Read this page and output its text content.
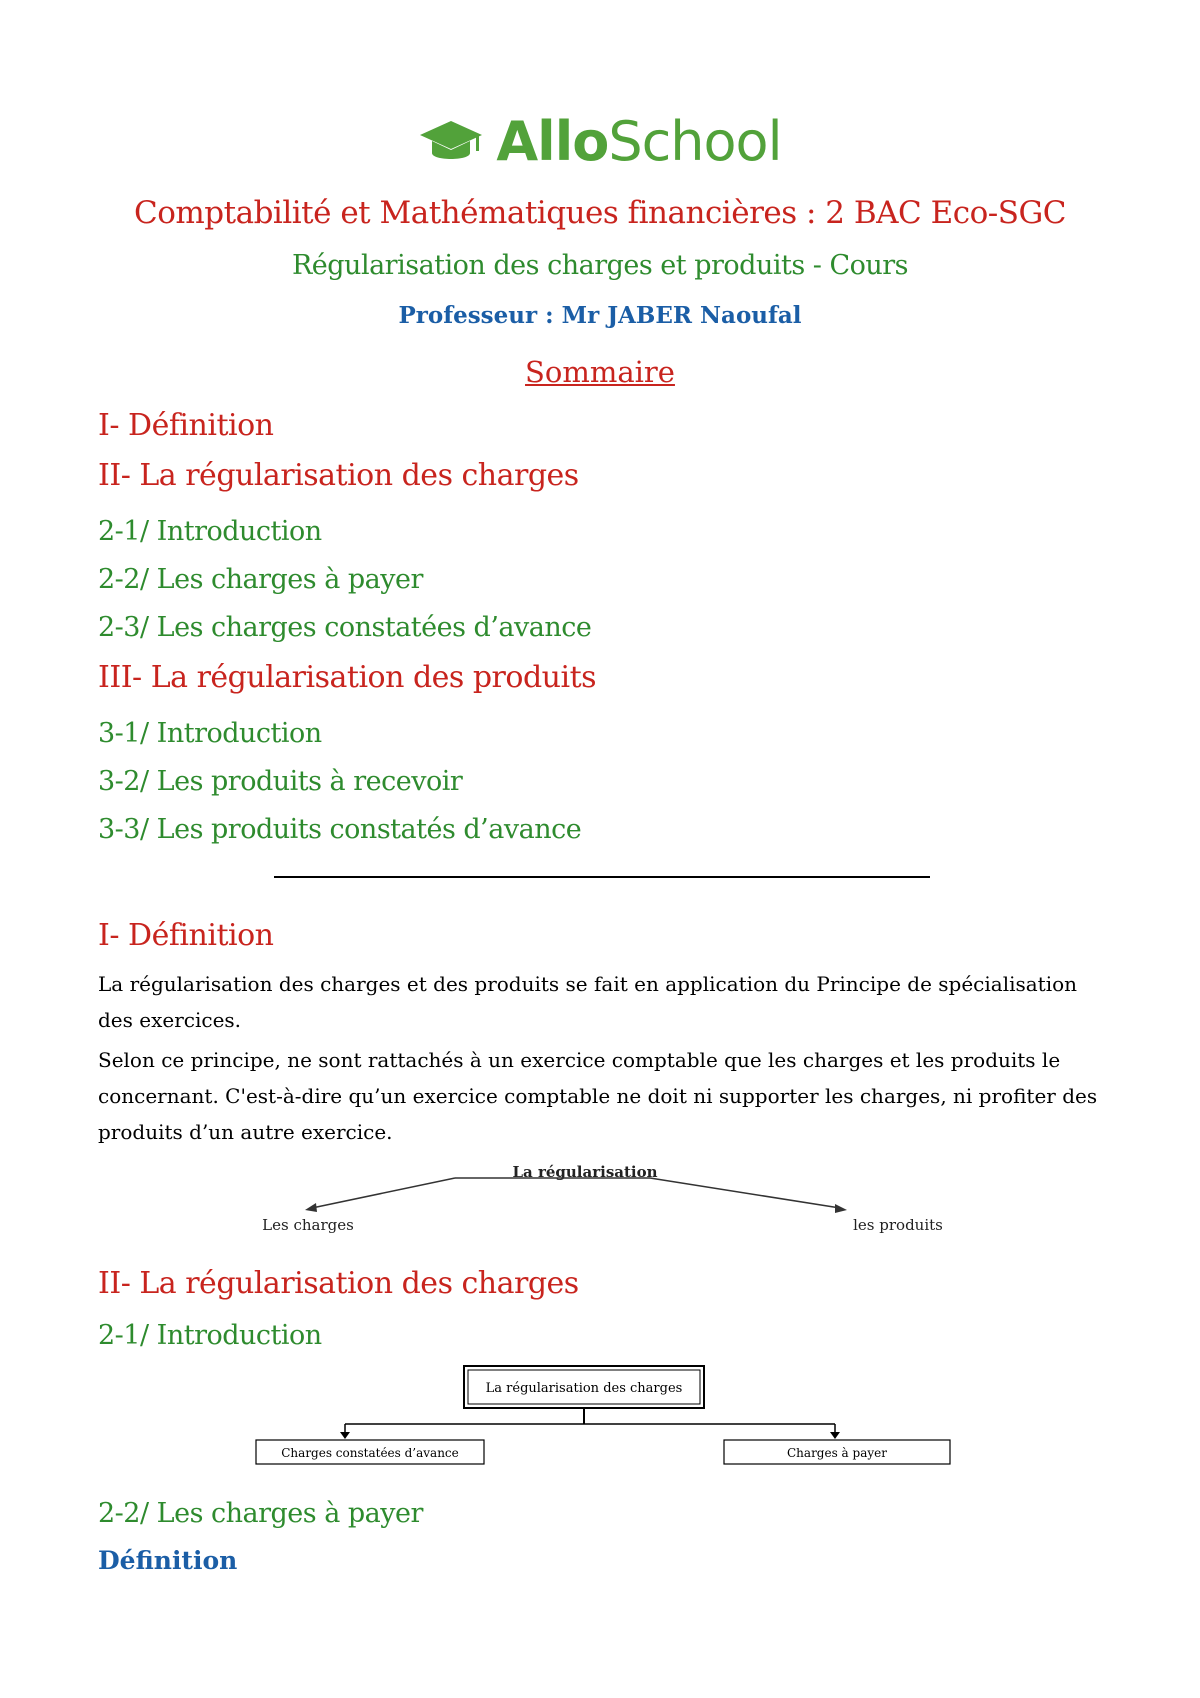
AlloSchool
Comptabilité et Mathématiques financières : 2 BAC Eco-SGC
Régularisation des charges et produits - Cours
Professeur : Mr JABER Naoufal
Sommaire
I- Définition
II- La régularisation des charges
2-1/ Introduction
2-2/ Les charges à payer
2-3/ Les charges constatées d’avance
III- La régularisation des produits
3-1/ Introduction
3-2/ Les produits à recevoir
3-3/ Les produits constatés d’avance
I- Définition

La régularisation des charges et des produits se fait en application du Principe de spécialisation des exercices.

Selon ce principe, ne sont rattachés à un exercice comptable que les charges et les produits le concernant. C'est-à-dire qu’un exercice comptable ne doit ni supporter les charges, ni profiter des produits d’un autre exercice.

La régularisation
Les charges	les produits
II- La régularisation des charges
2-1/ Introduction
La régularisation des charges
Charges constatées d’avance	Charges à payer
2-2/ Les charges à payer
Définition
